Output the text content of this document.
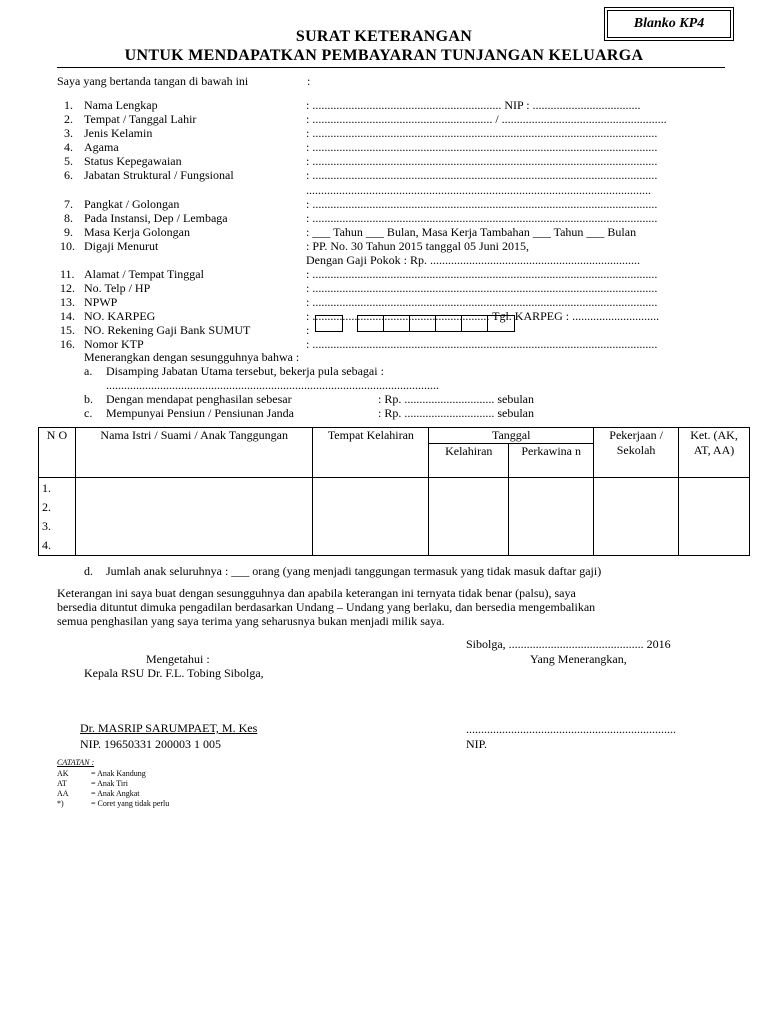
Blanko KP4
SURAT KETERANGAN
UNTUK MENDAPATKAN PEMBAYARAN TUNJANGAN KELUARGA
Saya yang bertanda tangan di bawah ini	:
1. Nama Lengkap	: ............................................................... NIP : ....................................
2. Tempat / Tanggal Lahir	: ............................................................ / .......................................................
3. Jenis Kelamin	: ...................................................................................................................
4. Agama	: ...................................................................................................................
5. Status Kepegawaian	: ...................................................................................................................
6. Jabatan Struktural / Fungsional	: ...................................................................................................................
...................................................................................................................
7. Pangkat / Golongan	: ...................................................................................................................
8. Pada Instansi, Dep / Lembaga	: ...................................................................................................................
9. Masa Kerja Golongan	: ___ Tahun ___ Bulan, Masa Kerja Tambahan ___ Tahun ___ Bulan
10. Digaji Menurut	: PP. No. 30 Tahun 2015 tanggal 05 Juni 2015,
Dengan Gaji Pokok : Rp. ......................................................................
11. Alamat / Tempat Tinggal	: ...................................................................................................................
12. No. Telp / HP	: ...................................................................................................................
13. NPWP	: ...................................................................................................................
14. NO. KARPEG	: ........................................................... Tgl. KARPEG : .............................
15. NO. Rekening Gaji Bank SUMUT	:
16. Nomor KTP	: ...................................................................................................................
Menerangkan dengan sesungguhnya bahwa :
a. Disamping Jabatan Utama tersebut, bekerja pula sebagai :
...............................................................................................................
b. Dengan mendapat penghasilan sebesar	: Rp. .............................. sebulan
c. Mempunyai Pensiun / Pensiunan Janda	: Rp. .............................. sebulan
N O	Nama Istri / Suami / Anak Tanggungan	Tempat Kelahiran	Tanggal		Pekerjaan / Sekolah	Ket. (AK, AT, AA)
			Kelahiran	Perkawina n		

1.
2.
3.
4.						

d. Jumlah anak seluruhnya : ___ orang (yang menjadi tanggungan termasuk yang tidak masuk daftar gaji)
Keterangan ini saya buat dengan sesungguhnya dan apabila keterangan ini ternyata tidak benar (palsu), saya
bersedia dituntut dimuka pengadilan berdasarkan Undang – Undang yang berlaku, dan bersedia mengembalikan
semua penghasilan yang saya terima yang seharusnya bukan menjadi milik saya.
Sibolga, ............................................. 2016
Mengetahui :	Yang Menerangkan,
Kepala RSU Dr. F.L. Tobing Sibolga,
Dr. MASRIP SARUMPAET, M. Kes
NIP. 19650331 200003 1 005
......................................................................
NIP.
CATATAN :
AK	= Anak Kandung
AT	= Anak Tiri
AA	= Anak Angkat
*)	= Coret yang tidak perlu
